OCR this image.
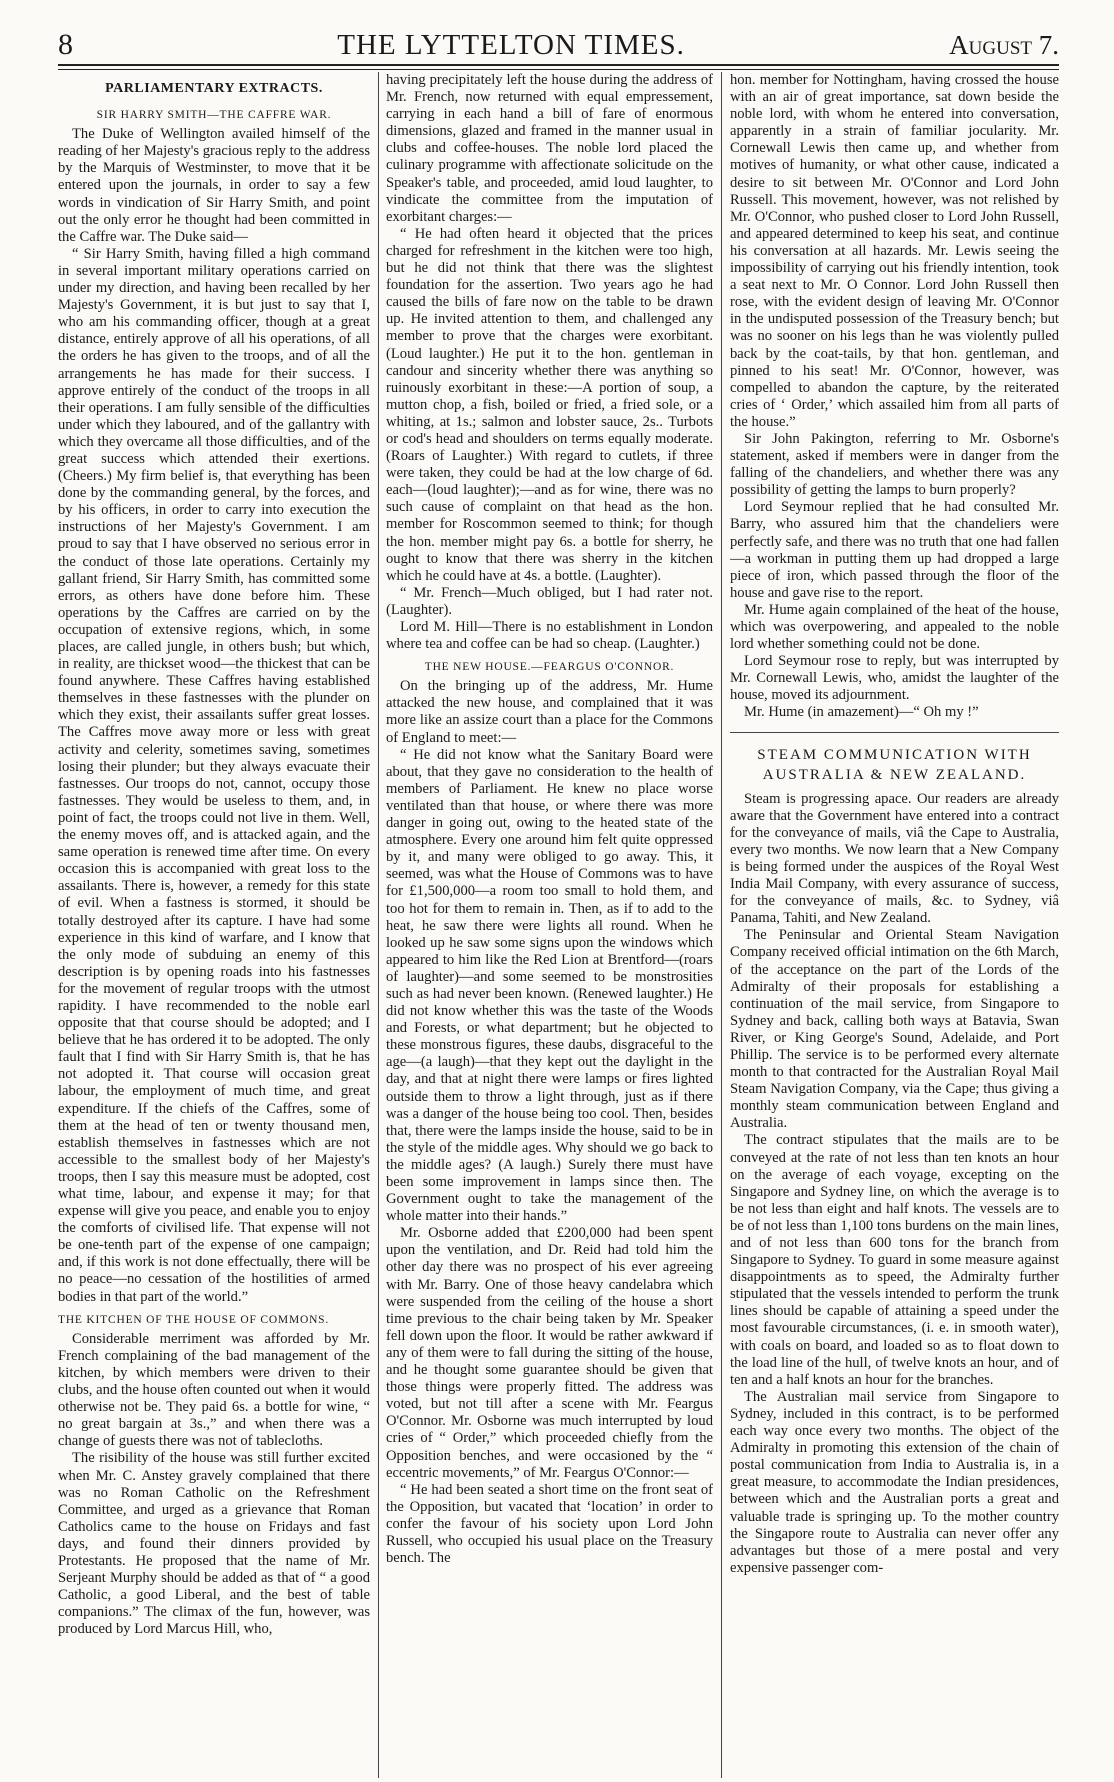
8	THE LYTTELTON TIMES.	August 7.
PARLIAMENTARY EXTRACTS.
SIR HARRY SMITH—THE CAFFRE WAR.

The Duke of Wellington availed himself of the reading of her Majesty's gracious reply to the address by the Marquis of Westminster, to move that it be entered upon the journals, in order to say a few words in vindication of Sir Harry Smith, and point out the only error he thought had been committed in the Caffre war. The Duke said—

“ Sir Harry Smith, having filled a high command in several important military operations carried on under my direction, and having been recalled by her Majesty's Government, it is but just to say that I, who am his commanding officer, though at a great distance, entirely approve of all his operations, of all the orders he has given to the troops, and of all the arrangements he has made for their success. I approve entirely of the conduct of the troops in all their operations. I am fully sensible of the difficulties under which they laboured, and of the gallantry with which they overcame all those difficulties, and of the great success which attended their exertions. (Cheers.) My firm belief is, that everything has been done by the commanding general, by the forces, and by his officers, in order to carry into execution the instructions of her Majesty's Government. I am proud to say that I have observed no serious error in the conduct of those late operations. Certainly my gallant friend, Sir Harry Smith, has committed some errors, as others have done before him. These operations by the Caffres are carried on by the occupation of extensive regions, which, in some places, are called jungle, in others bush; but which, in reality, are thickset wood—the thickest that can be found anywhere. These Caffres having established themselves in these fastnesses with the plunder on which they exist, their assailants suffer great losses. The Caffres move away more or less with great activity and celerity, sometimes saving, sometimes losing their plunder; but they always evacuate their fastnesses. Our troops do not, cannot, occupy those fastnesses. They would be useless to them, and, in point of fact, the troops could not live in them. Well, the enemy moves off, and is attacked again, and the same operation is renewed time after time. On every occasion this is accompanied with great loss to the assailants. There is, however, a remedy for this state of evil. When a fastness is stormed, it should be totally destroyed after its capture. I have had some experience in this kind of warfare, and I know that the only mode of subduing an enemy of this description is by opening roads into his fastnesses for the movement of regular troops with the utmost rapidity. I have recommended to the noble earl opposite that that course should be adopted; and I believe that he has ordered it to be adopted. The only fault that I find with Sir Harry Smith is, that he has not adopted it. That course will occasion great labour, the employment of much time, and great expenditure. If the chiefs of the Caffres, some of them at the head of ten or twenty thousand men, establish themselves in fastnesses which are not accessible to the smallest body of her Majesty's troops, then I say this measure must be adopted, cost what time, labour, and expense it may; for that expense will give you peace, and enable you to enjoy the comforts of civilised life. That expense will not be one-tenth part of the expense of one campaign; and, if this work is not done effectually, there will be no peace—no cessation of the hostilities of armed bodies in that part of the world.”

THE KITCHEN OF THE HOUSE OF COMMONS.

Considerable merriment was afforded by Mr. French complaining of the bad management of the kitchen, by which members were driven to their clubs, and the house often counted out when it would otherwise not be. They paid 6s. a bottle for wine, “ no great bargain at 3s.,” and when there was a change of guests there was not of tablecloths.

The risibility of the house was still further excited when Mr. C. Anstey gravely complained that there was no Roman Catholic on the Refreshment Committee, and urged as a grievance that Roman Catholics came to the house on Fridays and fast days, and found their dinners provided by Protestants. He proposed that the name of Mr. Serjeant Murphy should be added as that of “ a good Catholic, a good Liberal, and the best of table companions.” The climax of the fun, however, was produced by Lord Marcus Hill, who,

having precipitately left the house during the address of Mr. French, now returned with equal empressement, carrying in each hand a bill of fare of enormous dimensions, glazed and framed in the manner usual in clubs and coffee-houses. The noble lord placed the culinary programme with affectionate solicitude on the Speaker's table, and proceeded, amid loud laughter, to vindicate the committee from the imputation of exorbitant charges:—

“ He had often heard it objected that the prices charged for refreshment in the kitchen were too high, but he did not think that there was the slightest foundation for the assertion. Two years ago he had caused the bills of fare now on the table to be drawn up. He invited attention to them, and challenged any member to prove that the charges were exorbitant. (Loud laughter.) He put it to the hon. gentleman in candour and sincerity whether there was anything so ruinously exorbitant in these:—A portion of soup, a mutton chop, a fish, boiled or fried, a fried sole, or a whiting, at 1s.; salmon and lobster sauce, 2s.. Turbots or cod's head and shoulders on terms equally moderate. (Roars of Laughter.) With regard to cutlets, if three were taken, they could be had at the low charge of 6d. each—(loud laughter);—and as for wine, there was no such cause of complaint on that head as the hon. member for Roscommon seemed to think; for though the hon. member might pay 6s. a bottle for sherry, he ought to know that there was sherry in the kitchen which he could have at 4s. a bottle. (Laughter).

“ Mr. French—Much obliged, but I had rater not. (Laughter).

Lord M. Hill—There is no establishment in London where tea and coffee can be had so cheap. (Laughter.)

THE NEW HOUSE.—FEARGUS O'CONNOR.

On the bringing up of the address, Mr. Hume attacked the new house, and complained that it was more like an assize court than a place for the Commons of England to meet:—

“ He did not know what the Sanitary Board were about, that they gave no consideration to the health of members of Parliament. He knew no place worse ventilated than that house, or where there was more danger in going out, owing to the heated state of the atmosphere. Every one around him felt quite oppressed by it, and many were obliged to go away. This, it seemed, was what the House of Commons was to have for £1,500,000—a room too small to hold them, and too hot for them to remain in. Then, as if to add to the heat, he saw there were lights all round. When he looked up he saw some signs upon the windows which appeared to him like the Red Lion at Brentford—(roars of laughter)—and some seemed to be monstrosities such as had never been known. (Renewed laughter.) He did not know whether this was the taste of the Woods and Forests, or what department; but he objected to these monstrous figures, these daubs, disgraceful to the age—(a laugh)—that they kept out the daylight in the day, and that at night there were lamps or fires lighted outside them to throw a light through, just as if there was a danger of the house being too cool. Then, besides that, there were the lamps inside the house, said to be in the style of the middle ages. Why should we go back to the middle ages? (A laugh.) Surely there must have been some improvement in lamps since then. The Government ought to take the management of the whole matter into their hands.”

Mr. Osborne added that £200,000 had been spent upon the ventilation, and Dr. Reid had told him the other day there was no prospect of his ever agreeing with Mr. Barry. One of those heavy candelabra which were suspended from the ceiling of the house a short time previous to the chair being taken by Mr. Speaker fell down upon the floor. It would be rather awkward if any of them were to fall during the sitting of the house, and he thought some guarantee should be given that those things were properly fitted. The address was voted, but not till after a scene with Mr. Feargus O'Connor. Mr. Osborne was much interrupted by loud cries of “ Order,” which proceeded chiefly from the Opposition benches, and were occasioned by the “ eccentric movements,” of Mr. Feargus O'Connor:—

“ He had been seated a short time on the front seat of the Opposition, but vacated that ‘location’ in order to confer the favour of his society upon Lord John Russell, who occupied his usual place on the Treasury bench. The

hon. member for Nottingham, having crossed the house with an air of great importance, sat down beside the noble lord, with whom he entered into conversation, apparently in a strain of familiar jocularity. Mr. Cornewall Lewis then came up, and whether from motives of humanity, or what other cause, indicated a desire to sit between Mr. O'Connor and Lord John Russell. This movement, however, was not relished by Mr. O'Connor, who pushed closer to Lord John Russell, and appeared determined to keep his seat, and continue his conversation at all hazards. Mr. Lewis seeing the impossibility of carrying out his friendly intention, took a seat next to Mr. O Connor. Lord John Russell then rose, with the evident design of leaving Mr. O'Connor in the undisputed possession of the Treasury bench; but was no sooner on his legs than he was violently pulled back by the coat-tails, by that hon. gentleman, and pinned to his seat! Mr. O'Connor, however, was compelled to abandon the capture, by the reiterated cries of ‘ Order,’ which assailed him from all parts of the house.”

Sir John Pakington, referring to Mr. Osborne's statement, asked if members were in danger from the falling of the chandeliers, and whether there was any possibility of getting the lamps to burn properly?

Lord Seymour replied that he had consulted Mr. Barry, who assured him that the chandeliers were perfectly safe, and there was no truth that one had fallen—a workman in putting them up had dropped a large piece of iron, which passed through the floor of the house and gave rise to the report.

Mr. Hume again complained of the heat of the house, which was overpowering, and appealed to the noble lord whether something could not be done.

Lord Seymour rose to reply, but was interrupted by Mr. Cornewall Lewis, who, amidst the laughter of the house, moved its adjournment.

Mr. Hume (in amazement)—“ Oh my !”

STEAM COMMUNICATION WITH AUSTRALIA & NEW ZEALAND.

Steam is progressing apace. Our readers are already aware that the Government have entered into a contract for the conveyance of mails, viâ the Cape to Australia, every two months. We now learn that a New Company is being formed under the auspices of the Royal West India Mail Company, with every assurance of success, for the conveyance of mails, &c. to Sydney, viâ Panama, Tahiti, and New Zealand.

The Peninsular and Oriental Steam Navigation Company received official intimation on the 6th March, of the acceptance on the part of the Lords of the Admiralty of their proposals for establishing a continuation of the mail service, from Singapore to Sydney and back, calling both ways at Batavia, Swan River, or King George's Sound, Adelaide, and Port Phillip. The service is to be performed every alternate month to that contracted for the Australian Royal Mail Steam Navigation Company, via the Cape; thus giving a monthly steam communication between England and Australia.

The contract stipulates that the mails are to be conveyed at the rate of not less than ten knots an hour on the average of each voyage, excepting on the Singapore and Sydney line, on which the average is to be not less than eight and half knots. The vessels are to be of not less than 1,100 tons burdens on the main lines, and of not less than 600 tons for the branch from Singapore to Sydney. To guard in some measure against disappointments as to speed, the Admiralty further stipulated that the vessels intended to perform the trunk lines should be capable of attaining a speed under the most favourable circumstances, (i. e. in smooth water), with coals on board, and loaded so as to float down to the load line of the hull, of twelve knots an hour, and of ten and a half knots an hour for the branches.

The Australian mail service from Singapore to Sydney, included in this contract, is to be performed each way once every two months. The object of the Admiralty in promoting this extension of the chain of postal communication from India to Australia is, in a great measure, to accommodate the Indian presidences, between which and the Australian ports a great and valuable trade is springing up. To the mother country the Singapore route to Australia can never offer any advantages but those of a mere postal and very expensive passenger com-
